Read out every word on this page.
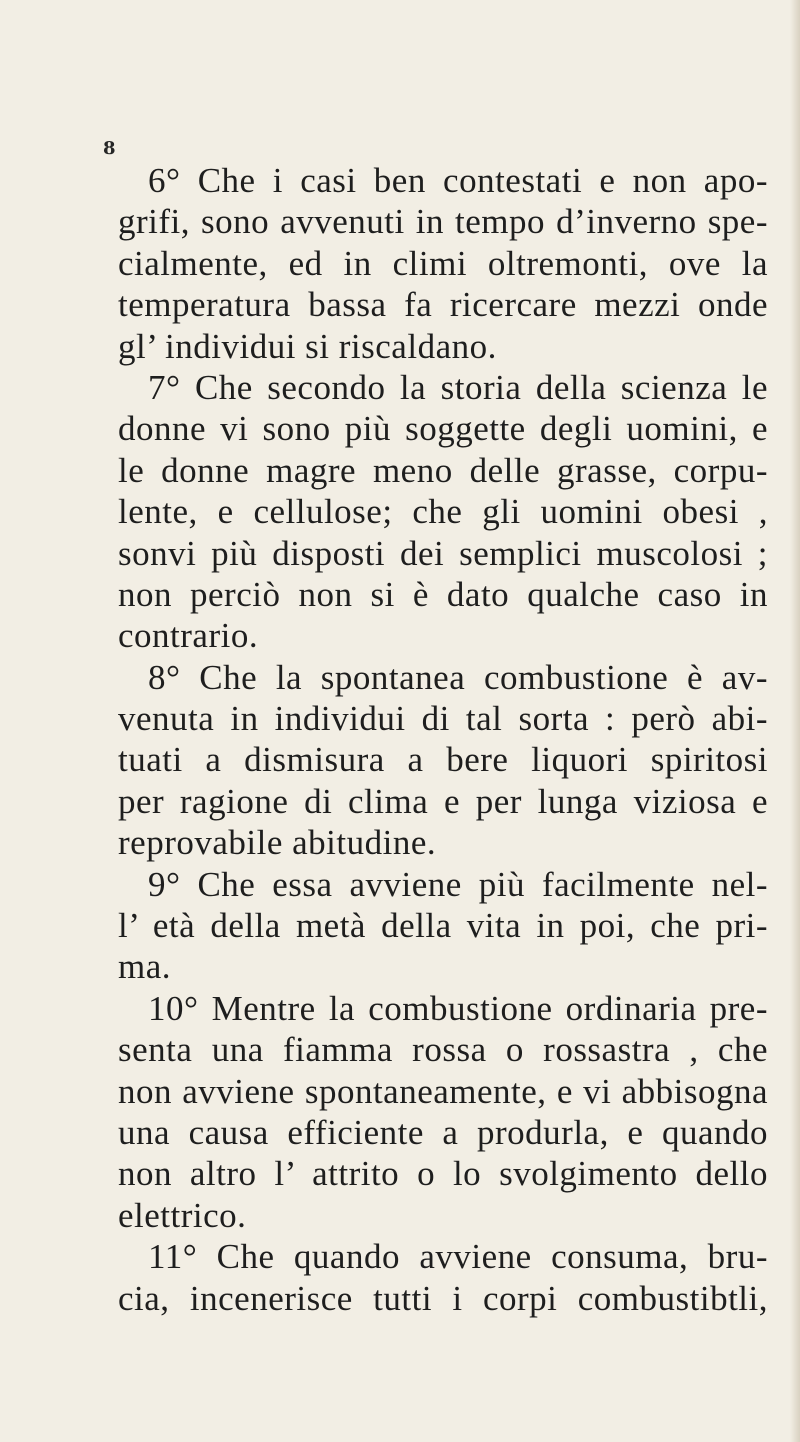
8
6° Che i casi ben contestati e non apo-
grifi, sono avvenuti in tempo d’inverno spe-
cialmente, ed in climi oltremonti, ove la
temperatura bassa fa ricercare mezzi onde
gl’ individui si riscaldano.
7° Che secondo la storia della scienza le
donne vi sono più soggette degli uomini, e
le donne magre meno delle grasse, corpu-
lente, e cellulose; che gli uomini obesi ,
sonvi più disposti dei semplici muscolosi ;
non perciò non si è dato qualche caso in
contrario.
8° Che la spontanea combustione è av-
venuta in individui di tal sorta : però abi-
tuati a dismisura a bere liquori spiritosi
per ragione di clima e per lunga viziosa e
reprovabile abitudine.
9° Che essa avviene più facilmente nel-
l’ età della metà della vita in poi, che pri-
ma.
10° Mentre la combustione ordinaria pre-
senta una fiamma rossa o rossastra , che
non avviene spontaneamente, e vi abbisogna
una causa efficiente a produrla, e quando
non altro l’ attrito o lo svolgimento dello
elettrico.
11° Che quando avviene consuma, bru-
cia, incenerisce tutti i corpi combustibtli,
